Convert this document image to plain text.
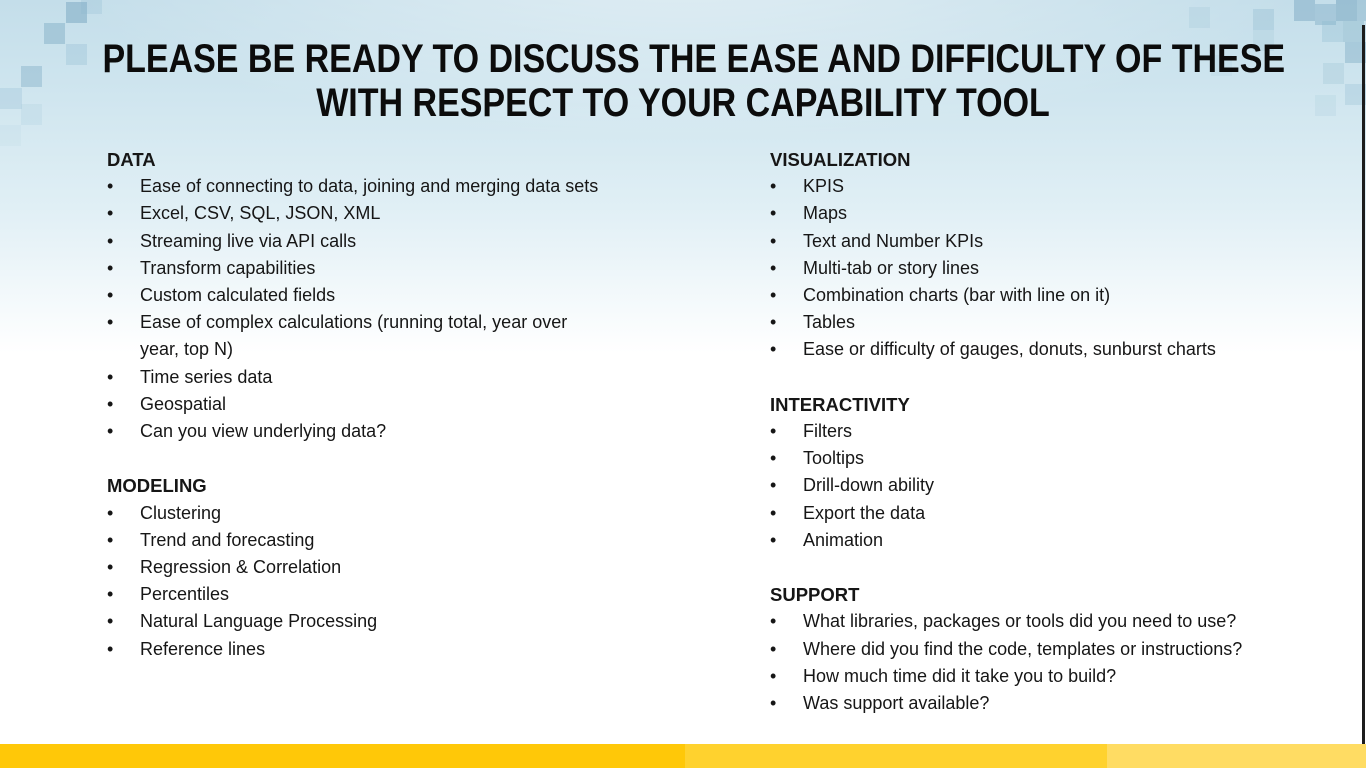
PLEASE BE READY TO DISCUSS THE EASE AND DIFFICULTY OF THESE
WITH RESPECT TO YOUR CAPABILITY TOOL
DATA
•	Ease of connecting to data, joining and merging data sets
•	Excel, CSV, SQL, JSON, XML
•	Streaming live via API calls
•	Transform capabilities
•	Custom calculated fields
•	Ease of complex calculations (running total, year over year, top N)
•	Time series data
•	Geospatial
•	Can you view underlying data?
MODELING
•	Clustering
•	Trend and forecasting
•	Regression & Correlation
•	Percentiles
•	Natural Language Processing
•	Reference lines
VISUALIZATION
•	KPIS
•	Maps
•	Text and Number KPIs
•	Multi-tab or story lines
•	Combination charts (bar with line on it)
•	Tables
•	Ease or difficulty of gauges, donuts, sunburst charts
INTERACTIVITY
•	Filters
•	Tooltips
•	Drill-down ability
•	Export the data
•	Animation
SUPPORT
•	What libraries, packages or tools did you need to use?
•	Where did you find the code, templates or instructions?
•	How much time did it take you to build?
•	Was support available?
